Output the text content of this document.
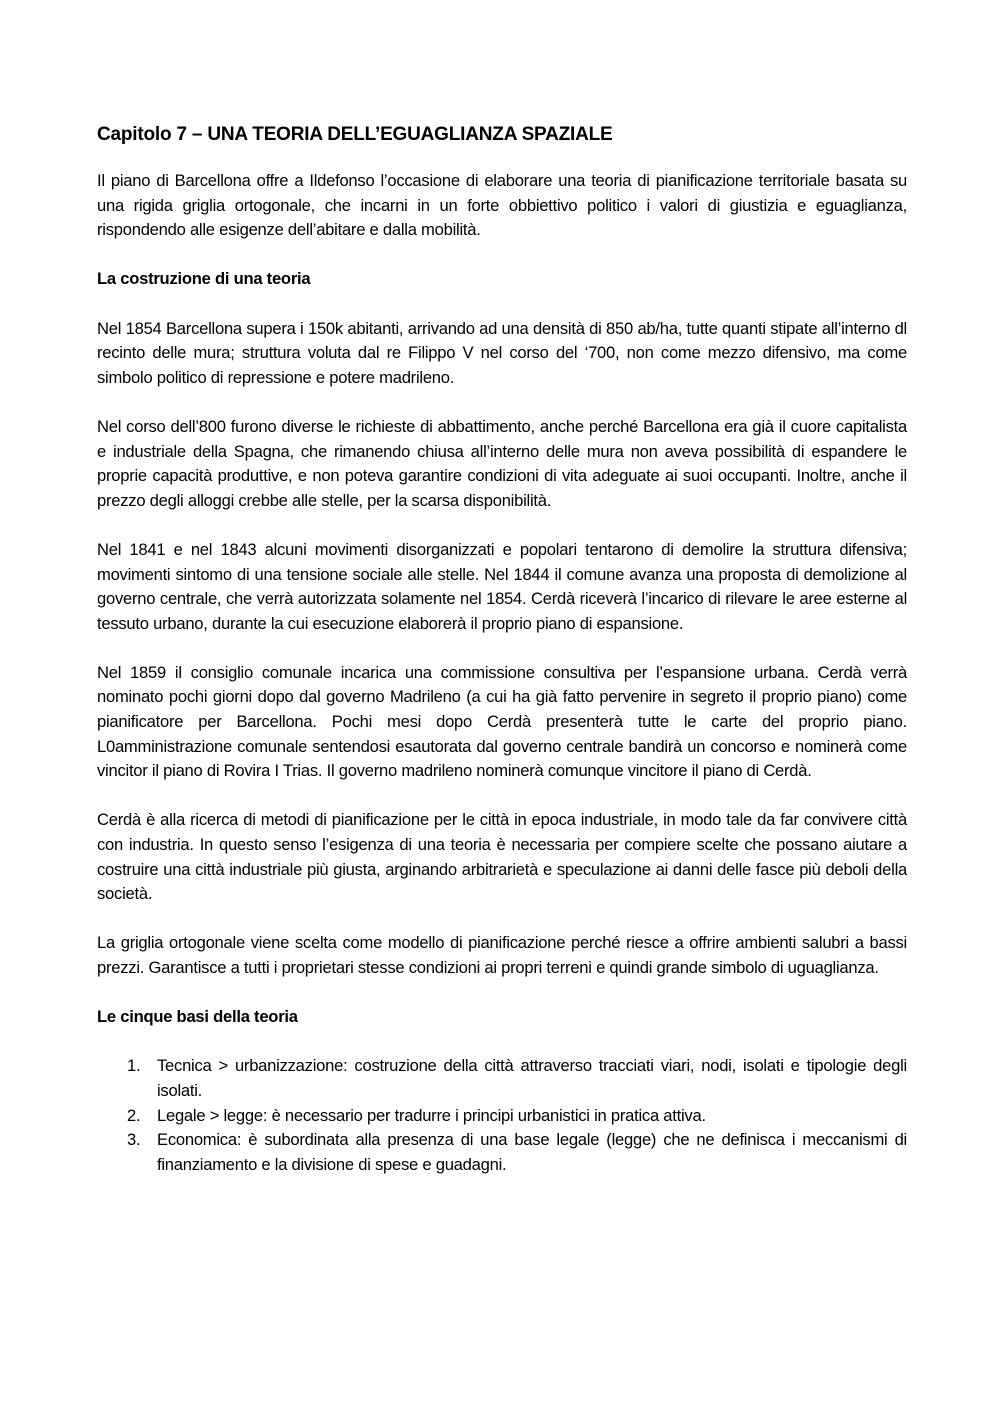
Capitolo 7 – UNA TEORIA DELL’EGUAGLIANZA SPAZIALE

Il piano di Barcellona offre a Ildefonso l’occasione di elaborare una teoria di pianificazione territoriale basata su una rigida griglia ortogonale, che incarni in un forte obbiettivo politico i valori di giustizia e eguaglianza, rispondendo alle esigenze dell’abitare e dalla mobilità.

La costruzione di una teoria

Nel 1854 Barcellona supera i 150k abitanti, arrivando ad una densità di 850 ab/ha, tutte quanti stipate all’interno dl recinto delle mura; struttura voluta dal re Filippo V nel corso del ‘700, non come mezzo difensivo, ma come simbolo politico di repressione e potere madrileno.

Nel corso dell’800 furono diverse le richieste di abbattimento, anche perché Barcellona era già il cuore capitalista e industriale della Spagna, che rimanendo chiusa all’interno delle mura non aveva possibilità di espandere le proprie capacità produttive, e non poteva garantire condizioni di vita adeguate ai suoi occupanti. Inoltre, anche il prezzo degli alloggi crebbe alle stelle, per la scarsa disponibilità.

Nel 1841 e nel 1843 alcuni movimenti disorganizzati e popolari tentarono di demolire la struttura difensiva; movimenti sintomo di una tensione sociale alle stelle. Nel 1844 il comune avanza una proposta di demolizione al governo centrale, che verrà autorizzata solamente nel 1854. Cerdà riceverà l’incarico di rilevare le aree esterne al tessuto urbano, durante la cui esecuzione elaborerà il proprio piano di espansione.

Nel 1859 il consiglio comunale incarica una commissione consultiva per l’espansione urbana. Cerdà verrà nominato pochi giorni dopo dal governo Madrileno (a cui ha già fatto pervenire in segreto il proprio piano) come pianificatore per Barcellona. Pochi mesi dopo Cerdà presenterà tutte le carte del proprio piano. L0amministrazione comunale sentendosi esautorata dal governo centrale bandirà un concorso e nominerà come vincitor il piano di Rovira I Trias. Il governo madrileno nominerà comunque vincitore il piano di Cerdà.

Cerdà è alla ricerca di metodi di pianificazione per le città in epoca industriale, in modo tale da far convivere città con industria. In questo senso l’esigenza di una teoria è necessaria per compiere scelte che possano aiutare a costruire una città industriale più giusta, arginando arbitrarietà e speculazione ai danni delle fasce più deboli della società.

La griglia ortogonale viene scelta come modello di pianificazione perché riesce a offrire ambienti salubri a bassi prezzi. Garantisce a tutti i proprietari stesse condizioni ai propri terreni e quindi grande simbolo di uguaglianza.

Le cinque basi della teoria
1. Tecnica > urbanizzazione: costruzione della città attraverso tracciati viari, nodi, isolati e tipologie degli isolati.
2. Legale > legge: è necessario per tradurre i principi urbanistici in pratica attiva.
3. Economica: è subordinata alla presenza di una base legale (legge) che ne definisca i meccanismi di finanziamento e la divisione di spese e guadagni.
